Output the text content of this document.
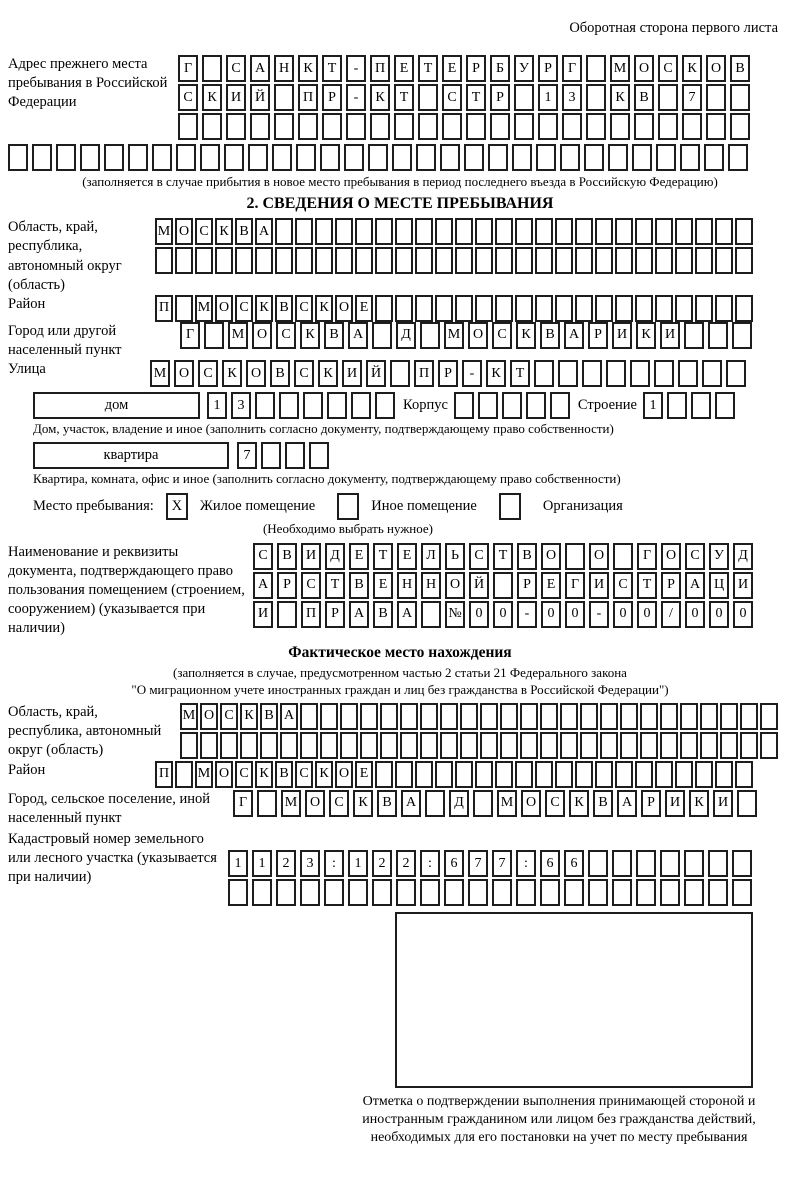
Оборотная сторона первого листа
Адрес прежнего места пребывания в Российской Федерации
Г	С	А Н	К	Т	-	П	Е	Т	Е	Р	Б	У	Р	Г	М О	С	К	О	В
С	К	И Й	П	Р	-	К	Т	С	Т	Р	1	3	К	В	7
(заполняется в случае прибытия в новое место пребывания в период последнего въезда в Российскую Федерацию)
2. СВЕДЕНИЯ О МЕСТЕ ПРЕБЫВАНИЯ
Область, край, республика, автономный округ (область)
М О С К В А
Район	П М О С К В С К О Е
Город или другой населенный пункт
Г	М О	С	К	В	А	Д	М О	С	К	В	А	Р	И	К	И
Улица	М О	С	К	О	В	С	К	И Й	П	Р	-	К	Т
дом	1	3	Корпус	Строение 1
Дом, участок, владение и иное (заполнить согласно документу, подтверждающему право собственности)
квартира	7
Квартира, комната, офис и иное (заполнить согласно документу, подтверждающему право собственности)
Место пребывания:	X	Жилое помещение	Иное помещение	Организация
(Необходимо выбрать нужное)
Наименование и реквизиты документа, подтверждающего право пользования помещением (строением, сооружением) (указывается при наличии)
С	В	И	Д	Е	Т	Е	Л	Ь	С	Т	В	О	О	Г	О	С	У	Д
А	Р	С	Т	В	Е	Н Н О Й	Р	Е	Г	И	С	Т	Р	А Ц И
И	П	Р	А	В	А	№ 0	0	-	0	0	-	0	0	/	0	0	0
Фактическое место нахождения
(заполняется в случае, предусмотренном частью 2 статьи 21 Федерального закона
"О миграционном учете иностранных граждан и лиц без гражданства в Российской Федерации")
Область, край, республика, автономный округ (область)
М О С К В А
Район	П М О С К В С К О Е
Город, сельское поселение, иной населенный пункт
Г	М О	С	К	В	А	Д	М О	С	К	В	А	Р	И	К	И
Кадастровый номер земельного или лесного участка (указывается при наличии)
1	1	2	3	:	1	2	2	:	6	7	7	:	6	6
Отметка о подтверждении выполнения принимающей стороной и иностранным гражданином или лицом без гражданства действий, необходимых для его постановки на учет по месту пребывания
